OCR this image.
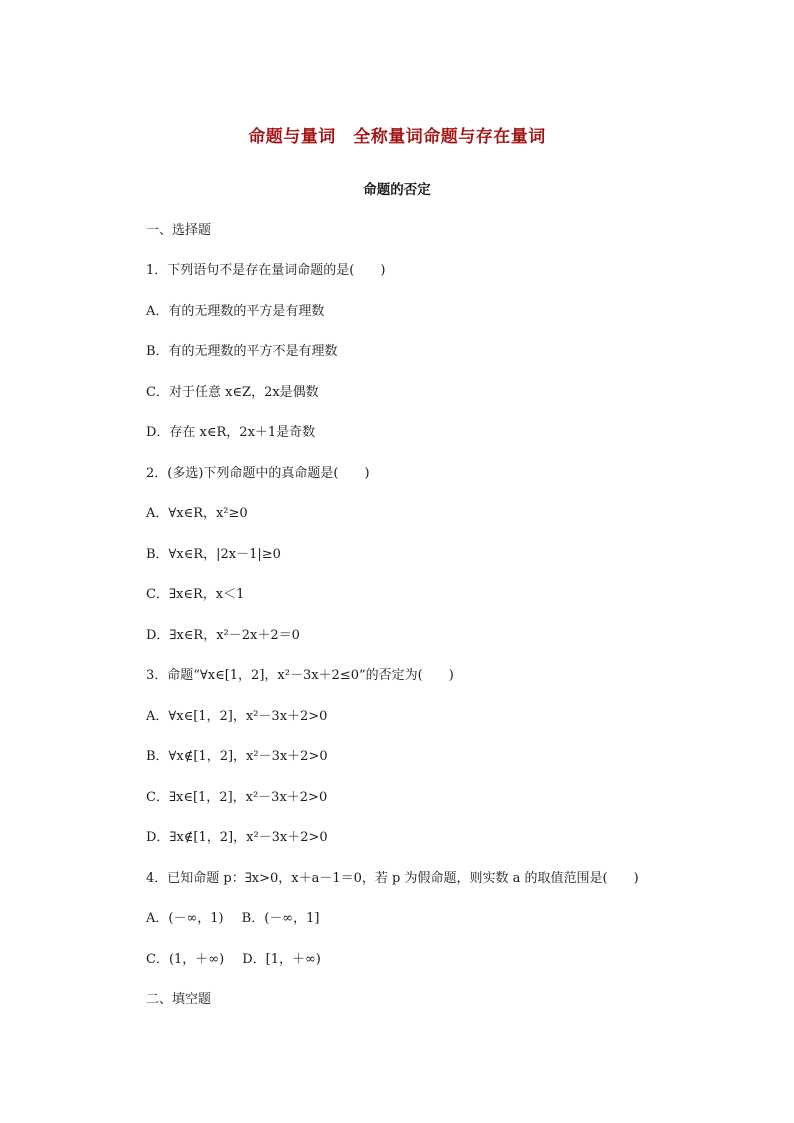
命题与量词　全称量词命题与存在量词
命题的否定
一、选择题
1．下列语句不是存在量词命题的是(　　)
A．有的无理数的平方是有理数
B．有的无理数的平方不是有理数
C．对于任意 x∈Z，2x是偶数
D．存在 x∈R，2x＋1是奇数
2．(多选)下列命题中的真命题是(　　)
A．∀x∈R，x²≥0
B．∀x∈R，|2x－1|≥0
C．∃x∈R，x＜1
D．∃x∈R，x²－2x＋2＝0
3．命题“∀x∈[1，2]，x²－3x＋2≤0”的否定为(　　)
A．∀x∈[1，2]，x²－3x＋2>0
B．∀x∉[1，2]，x²－3x＋2>0
C．∃x∈[1，2]，x²－3x＋2>0
D．∃x∉[1，2]，x²－3x＋2>0
4．已知命题 p：∃x>0，x＋a－1＝0，若 p 为假命题，则实数 a 的取值范围是(　　)
A．(－∞，1) B．(－∞，1]
C．(1，＋∞) D．[1，＋∞)
二、填空题
